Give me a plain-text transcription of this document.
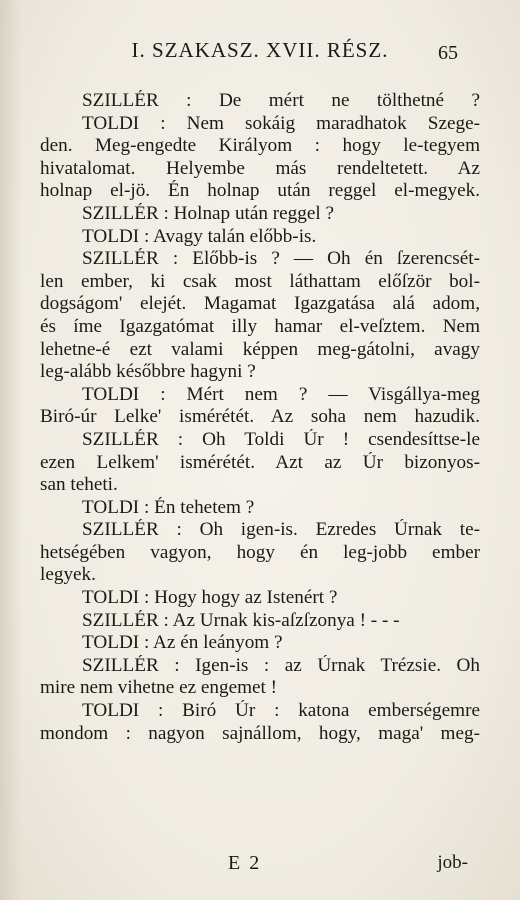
I. SZAKASZ. XVII. RÉSZ.	65
SZILLÉR : De mért ne tölthetné ?
TOLDI : Nem sokáig maradhatok Szege-
den. Meg-engedte Királyom : hogy le-tegyem
hivatalomat. Helyembe más rendeltetett. Az
holnap el-jö. Én holnap után reggel el-megyek.
SZILLÉR : Holnap után reggel ?
TOLDI : Avagy talán előbb-is.
SZILLÉR : Előbb-is ? — Oh én ſzerencsét-
len ember, ki csak most láthattam előſzör bol-
dogságom' elejét. Magamat Igazgatása alá adom,
és íme Igazgatómat illy hamar el-veſztem. Nem
lehetne-é ezt valami képpen meg-gátolni, avagy
leg-alább későbbre hagyni ?
TOLDI : Mért nem ? — Visgállya-meg
Biró-úr Lelke' ismérétét. Az soha nem hazudik.
SZILLÉR : Oh Toldi Úr ! csendesíttse-le
ezen Lelkem' ismérétét. Azt az Úr bizonyos-
san teheti.
TOLDI : Én tehetem ?
SZILLÉR : Oh igen-is. Ezredes Úrnak te-
hetségében vagyon, hogy én leg-jobb ember
legyek.
TOLDI : Hogy hogy az Istenért ?
SZILLÉR : Az Urnak kis-aſzſzonya ! - - -
TOLDI : Az én leányom ?
SZILLÉR : Igen-is : az Úrnak Trézsie. Oh
mire nem vihetne ez engemet !
TOLDI : Biró Úr : katona emberségemre
mondom : nagyon sajnállom, hogy, maga' meg-
E 2	job-
